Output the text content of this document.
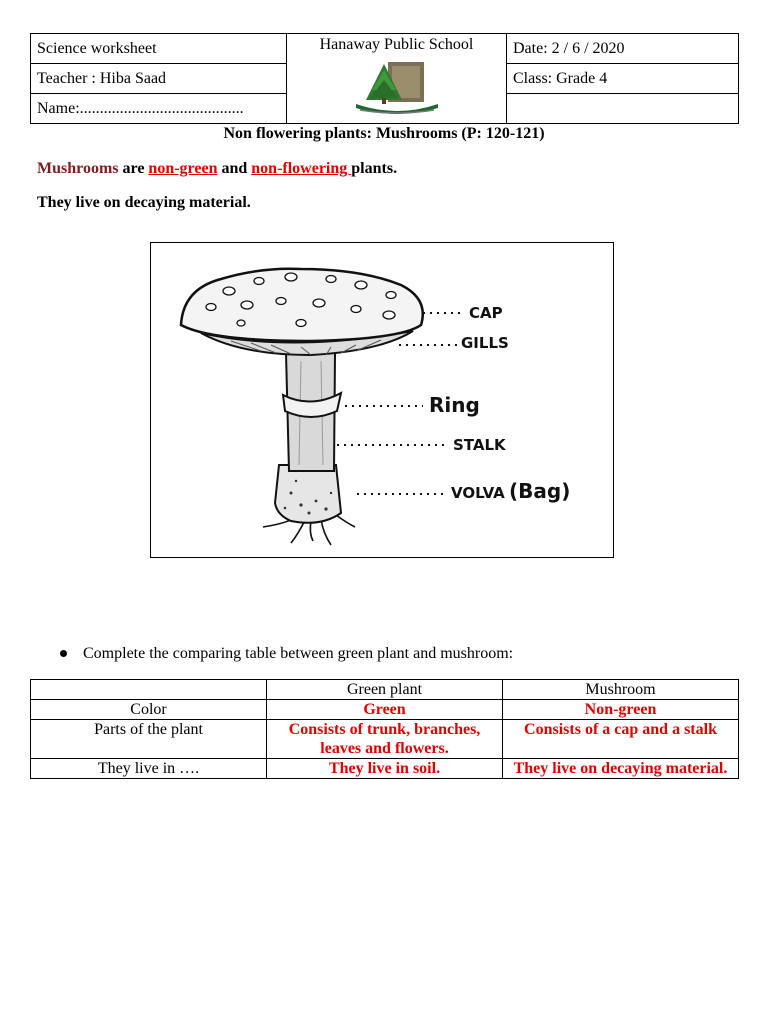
Science worksheet	Hanaway Public School	Date: 2 / 6 / 2020
Teacher : Hiba Saad		Class: Grade 4
Name:.........................................		
Non flowering plants: Mushrooms (P: 120-121)
Mushrooms are non-green and non-flowering plants.
They live on decaying material.
CAP
GILLS
Ring
STALK
VOLVA (Bag)
Complete the comparing table between green plant and mushroom:
	Green plant	Mushroom
Color	Green	Non-green
Parts of the plant	Consists of trunk, branches, leaves and flowers.	Consists of a cap and a stalk
They live in ….	They live in soil.	They live on decaying material.
